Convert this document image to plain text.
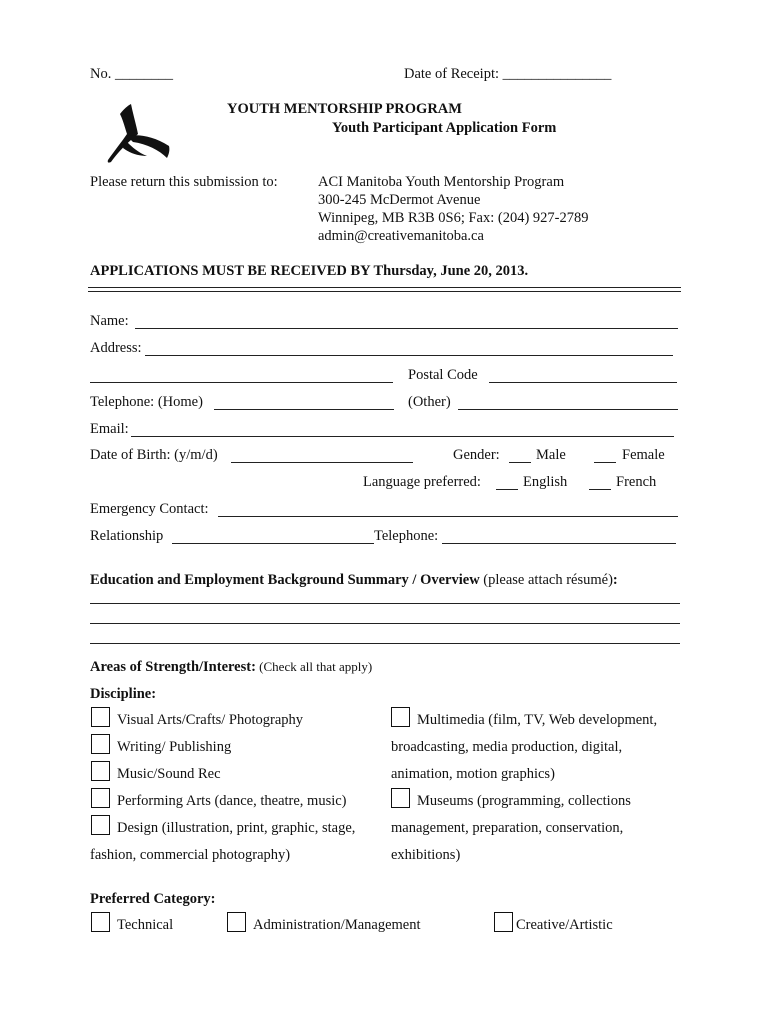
No. ________	Date of Receipt: _______________
YOUTH MENTORSHIP PROGRAM
Youth Participant Application Form
Please return this submission to:	ACI Manitoba Youth Mentorship Program
300-245 McDermot Avenue
Winnipeg, MB R3B 0S6; Fax: (204) 927-2789
admin@creativemanitoba.ca
APPLICATIONS MUST BE RECEIVED BY Thursday, June 20, 2013.
Name:
Address:
Postal Code
Telephone: (Home)	(Other)
Email:
Date of Birth: (y/m/d)	Gender:	Male	Female
Language preferred:	English	French
Emergency Contact:
Relationship	Telephone:
Education and Employment Background Summary / Overview (please attach résumé):
Areas of Strength/Interest: (Check all that apply)
Discipline:
Visual Arts/Crafts/ Photography
Writing/ Publishing
Music/Sound Rec
Performing Arts (dance, theatre, music)
Design (illustration, print, graphic, stage,
fashion, commercial photography)
Multimedia (film, TV, Web development,
broadcasting, media production, digital,
animation, motion graphics)
Museums (programming, collections
management, preparation, conservation,
exhibitions)
Preferred Category:
Technical	Administration/Management	Creative/Artistic
